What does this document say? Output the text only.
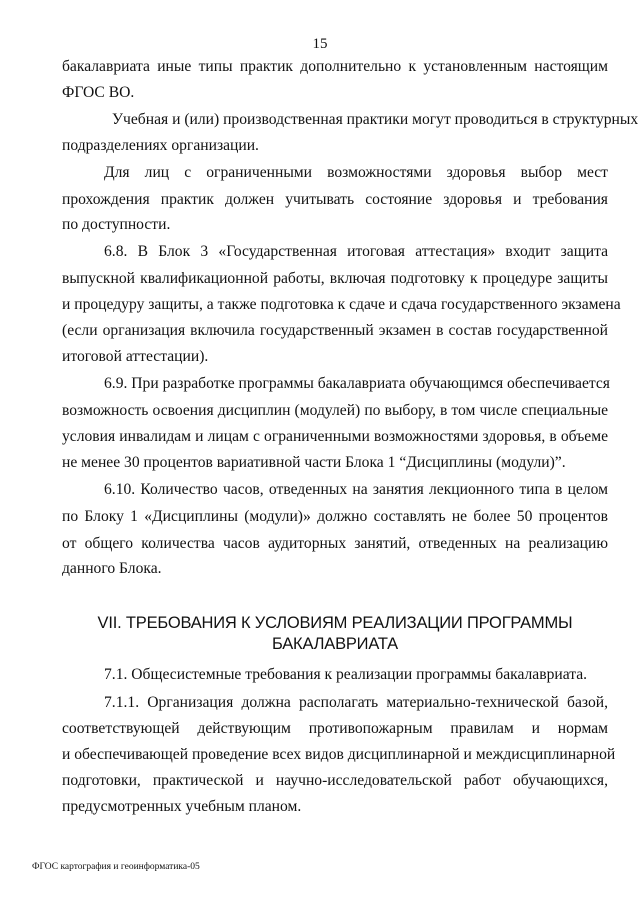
15
бакалавриата иные типы практик дополнительно к установленным настоящим
ФГОС ВО.
Учебная и (или) производственная практики могут проводиться в структурных
подразделениях организации.
Для лиц с ограниченными возможностями здоровья выбор мест
прохождения практик должен учитывать состояние здоровья и требования
по доступности.
6.8. В Блок 3 «Государственная итоговая аттестация» входит защита
выпускной квалификационной работы, включая подготовку к процедуре защиты
и процедуру защиты, а также подготовка к сдаче и сдача государственного экзамена
(если организация включила государственный экзамен в состав государственной
итоговой аттестации).
6.9. При разработке программы бакалавриата обучающимся обеспечивается
возможность освоения дисциплин (модулей) по выбору, в том числе специальные
условия инвалидам и лицам с ограниченными возможностями здоровья, в объеме
не менее 30 процентов вариативной части Блока 1 “Дисциплины (модули)”.
6.10. Количество часов, отведенных на занятия лекционного типа в целом
по Блоку 1 «Дисциплины (модули)» должно составлять не более 50 процентов
от общего количества часов аудиторных занятий, отведенных на реализацию
данного Блока.
VII. ТРЕБОВАНИЯ К УСЛОВИЯМ РЕАЛИЗАЦИИ ПРОГРАММЫ
БАКАЛАВРИАТА
7.1. Общесистемные требования к реализации программы бакалавриата.
7.1.1. Организация должна располагать материально-технической базой,
соответствующей действующим противопожарным правилам и нормам
и обеспечивающей проведение всех видов дисциплинарной и междисциплинарной
подготовки, практической и научно-исследовательской работ обучающихся,
предусмотренных учебным планом.
ФГОС картография и геоинформатика-05
